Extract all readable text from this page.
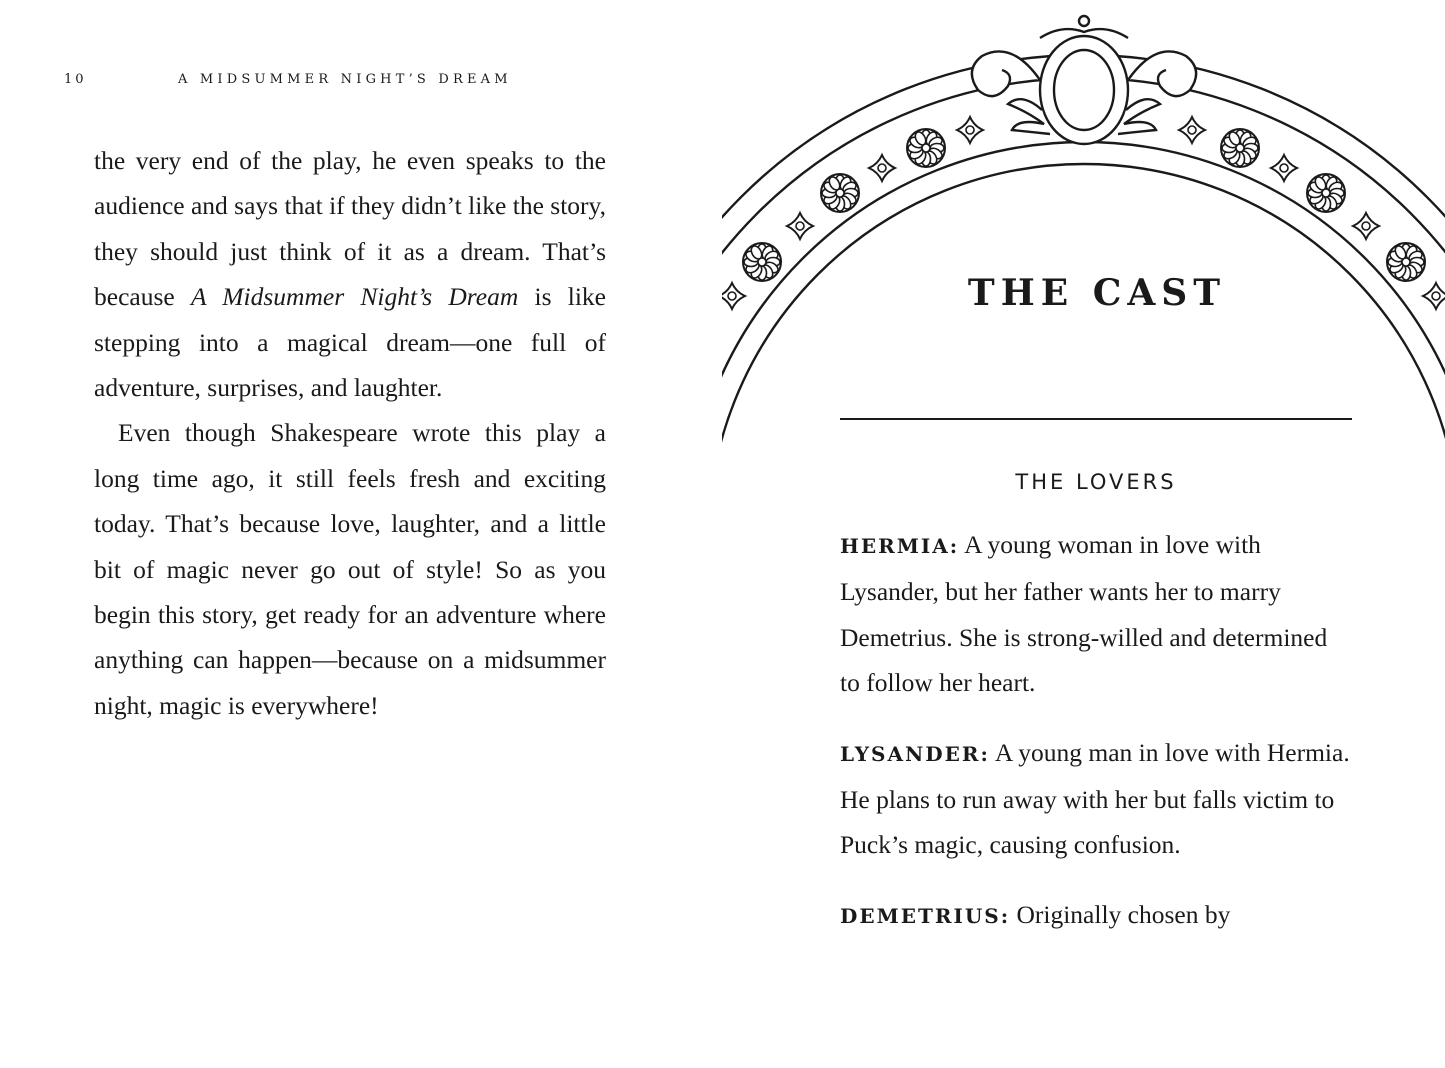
10	A MIDSUMMER NIGHT’S DREAM

the very end of the play, he even speaks to the audience and says that if they didn’t like the story, they should just think of it as a dream. That’s because A Midsummer Night’s Dream is like stepping into a magical dream—one full of adventure, surprises, and laughter.

Even though Shakespeare wrote this play a long time ago, it still feels fresh and exciting today. That’s because love, laughter, and a little bit of magic never go out of style! So as you begin this story, get ready for an adventure where anything can happen—because on a midsummer night, magic is everywhere!

THE CAST
THE LOVERS

HERMIA: A young woman in love with Lysander, but her father wants her to marry Demetrius. She is strong-willed and determined to follow her heart.

LYSANDER: A young man in love with Hermia. He plans to run away with her but falls victim to Puck’s magic, causing confusion.

DEMETRIUS: Originally chosen by
